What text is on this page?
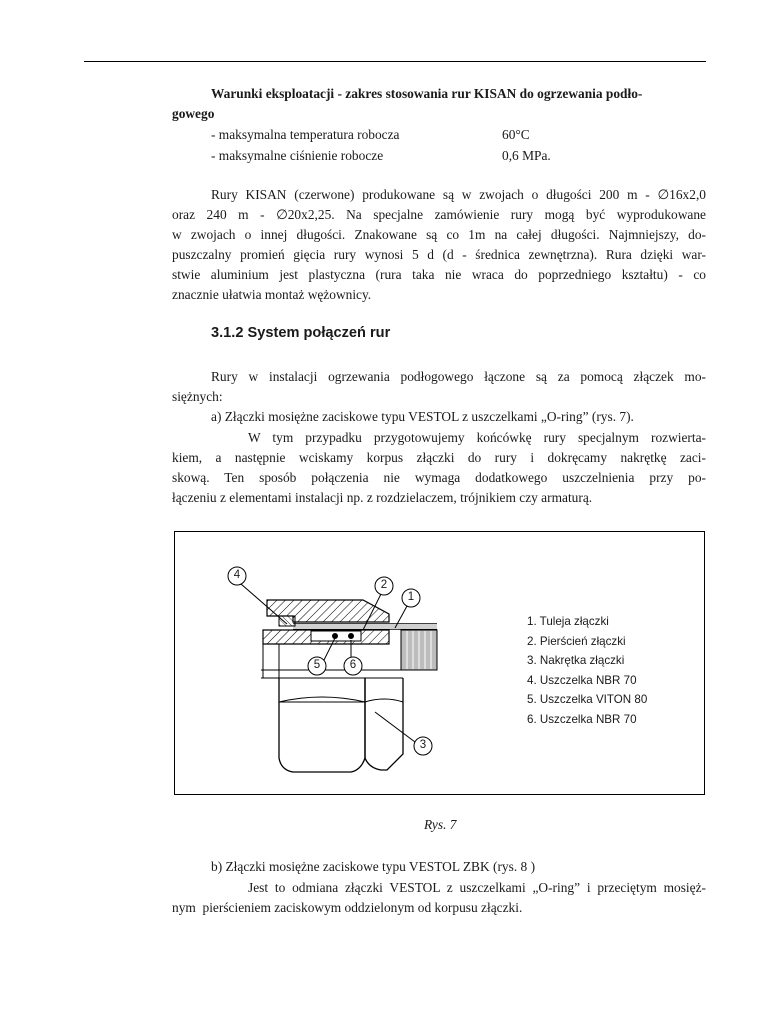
Warunki eksploatacji - zakres stosowania rur KISAN do ogrzewania podło-
gowego
- maksymalna temperatura robocza	60°C
- maksymalne ciśnienie robocze	0,6 MPa.
Rury KISAN (czerwone) produkowane są w zwojach o długości 200 m - ∅16x2,0
oraz 240 m - ∅20x2,25. Na specjalne zamówienie rury mogą być wyprodukowane
w zwojach o innej długości. Znakowane są co 1m na całej długości. Najmniejszy, do-
puszczalny promień gięcia rury wynosi 5 d (d - średnica zewnętrzna). Rura dzięki war-
stwie aluminium jest plastyczna (rura taka nie wraca do poprzedniego kształtu) - co
znacznie ułatwia montaż wężownicy.
3.1.2 System połączeń rur
Rury w instalacji ogrzewania podłogowego łączone są za pomocą złączek mo-
siężnych:
a) Złączki mosiężne zaciskowe typu VESTOL z uszczelkami „O-ring” (rys. 7).
W tym przypadku przygotowujemy końcówkę rury specjalnym rozwierta-
kiem, a następnie wciskamy korpus złączki do rury i dokręcamy nakrętkę zaci-
skową. Ten sposób połączenia nie wymaga dodatkowego uszczelnienia przy po-
łączeniu z elementami instalacji np. z rozdzielaczem, trójnikiem czy armaturą.
1
2
3
4
5	6
1. Tuleja złączki
2. Pierścień złączki
3. Nakrętka złączki
4. Uszczelka NBR 70
5. Uszczelka VITON 80
6. Uszczelka NBR 70
Rys. 7
b) Złączki mosiężne zaciskowe typu VESTOL ZBK (rys. 8 )
Jest to odmiana złączki VESTOL z uszczelkami „O-ring” i przeciętym mosięż-
nym  pierścieniem zaciskowym oddzielonym od korpusu złączki.
